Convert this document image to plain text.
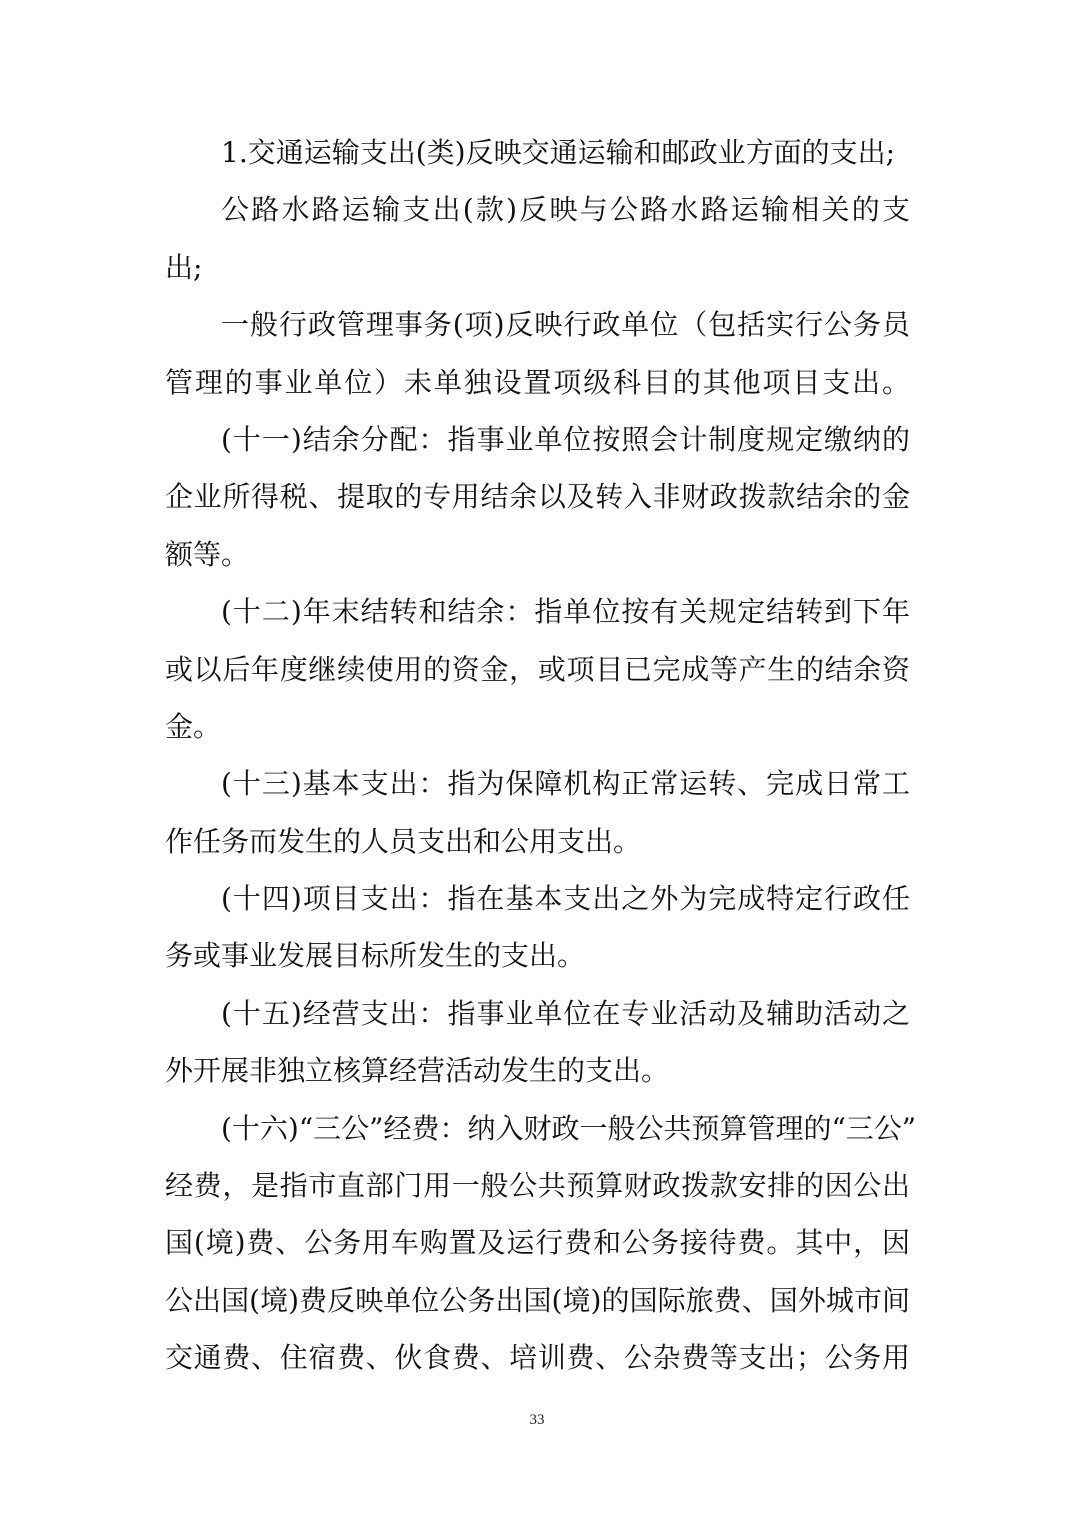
1.交通运输支出(类)反映交通运输和邮政业方面的支出;
公路水路运输支出(款)反映与公路水路运输相关的支
出;
一般行政管理事务(项)反映行政单位（包括实行公务员
管理的事业单位）未单独设置项级科目的其他项目支出。
(十一)结余分配：指事业单位按照会计制度规定缴纳的
企业所得税、提取的专用结余以及转入非财政拨款结余的金
额等。
(十二)年末结转和结余：指单位按有关规定结转到下年
或以后年度继续使用的资金，或项目已完成等产生的结余资
金。
(十三)基本支出：指为保障机构正常运转、完成日常工
作任务而发生的人员支出和公用支出。
(十四)项目支出：指在基本支出之外为完成特定行政任
务或事业发展目标所发生的支出。
(十五)经营支出：指事业单位在专业活动及辅助活动之
外开展非独立核算经营活动发生的支出。
(十六)“三公”经费：纳入财政一般公共预算管理的“三公”
经费，是指市直部门用一般公共预算财政拨款安排的因公出
国(境)费、公务用车购置及运行费和公务接待费。其中，因
公出国(境)费反映单位公务出国(境)的国际旅费、国外城市间
交通费、住宿费、伙食费、培训费、公杂费等支出；公务用
33
